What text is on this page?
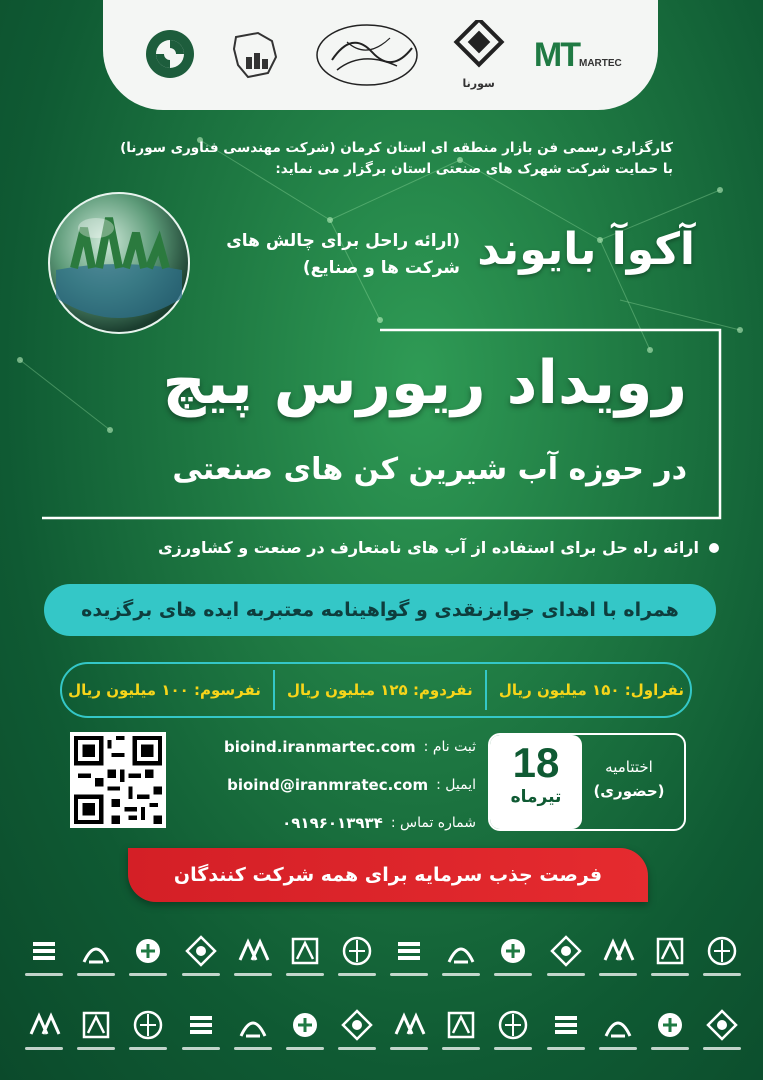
سورنا
MTMARTEC
کارگزاری رسمی فن بازار منطقه ای استان کرمان (شرکت مهندسی فناوری سورنا)
با حمایت شرکت شهرک های صنعتی استان برگزار می نماید:
آکوآ بایوند
(ارائه راحل برای چالش های
شرکت ها و صنایع)
رویداد ریورس پیچ
در حوزه آب شیرین کن های صنعتی
ارائه راه حل برای استفاده از آب های نامتعارف در صنعت و کشاورزی
همراه با اهدای جوایزنقدی و گواهینامه معتبربه ایده های برگزیده
نفراول: ۱۵۰ میلیون ریال
نفردوم: ۱۲۵ میلیون ریال
نفرسوم: ۱۰۰ میلیون ریال
ثبت نام :
bioind.iranmartec.com
ایمیل :
bioind@iranmratec.com
شماره تماس :
۰۹۱۹۶۰۱۳۹۳۴
18
تیرماه
اختتامیه
(حضوری)
فرصت جذب سرمایه برای همه شرکت کنندگان
